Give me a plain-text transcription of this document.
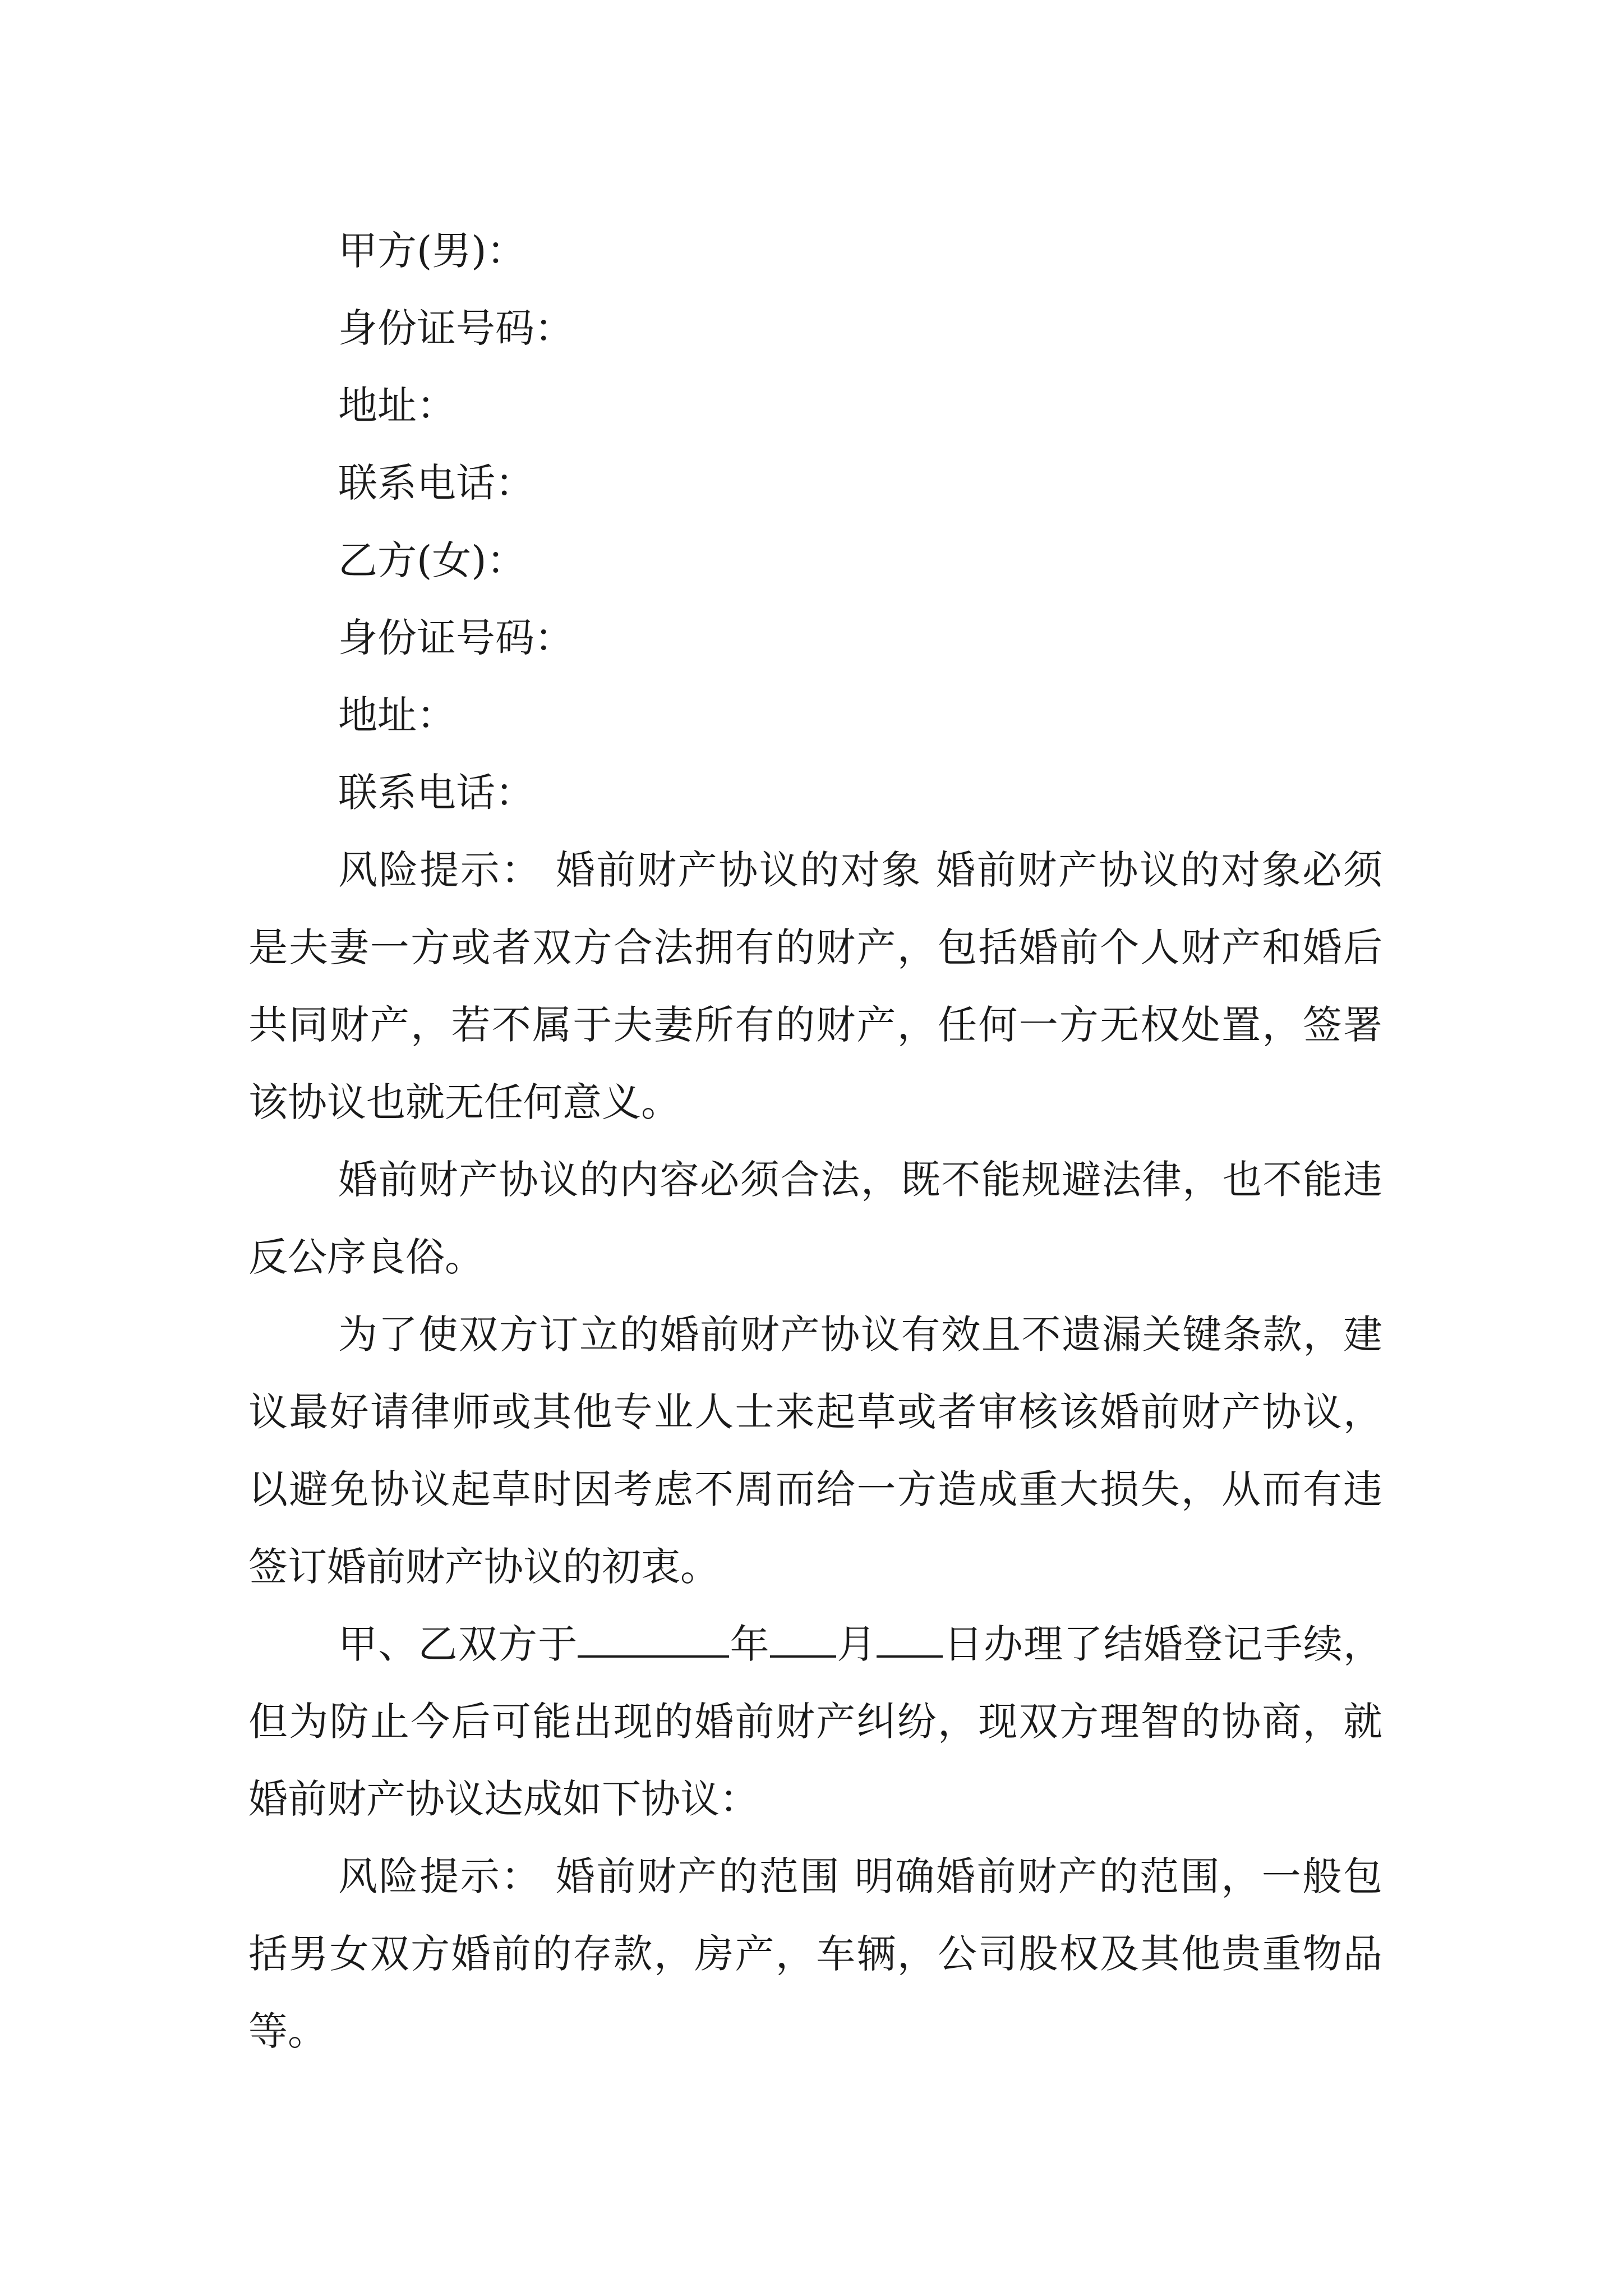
甲方(男)：
身份证号码：
地址：
联系电话：
乙方(女)：
身份证号码：
地址：
联系电话：

风险提示： 婚前财产协议的对象 婚前财产协议的对象必须是夫妻一方或者双方合法拥有的财产，包括婚前个人财产和婚后共同财产，若不属于夫妻所有的财产，任何一方无权处置，签署该协议也就无任何意义。

婚前财产协议的内容必须合法，既不能规避法律，也不能违反公序良俗。

为了使双方订立的婚前财产协议有效且不遗漏关键条款，建议最好请律师或其他专业人士来起草或者审核该婚前财产协议，以避免协议起草时因考虑不周而给一方造成重大损失，从而有违签订婚前财产协议的初衷。

甲、乙双方于	年 月 日办理了结婚登记手续，但为防止今后可能出现的婚前财产纠纷，现双方理智的协商，就婚前财产协议达成如下协议：

风险提示： 婚前财产的范围 明确婚前财产的范围，一般包括男女双方婚前的存款，房产，车辆，公司股权及其他贵重物品等。
